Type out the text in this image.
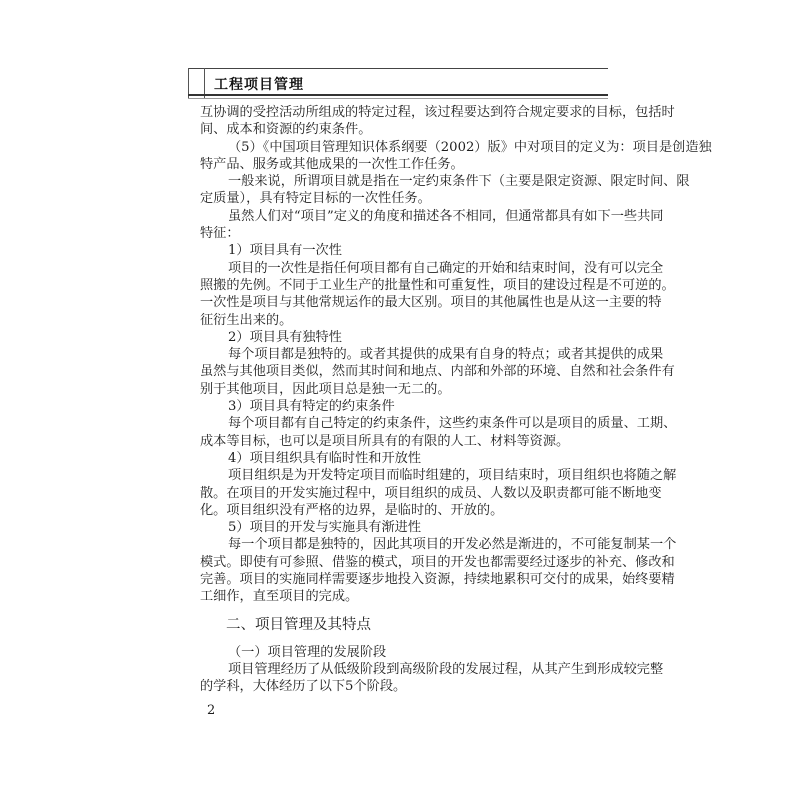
工程项目管理
互协调的受控活动所组成的特定过程，该过程要达到符合规定要求的目标，包括时
间、成本和资源的约束条件。
（5）《中国项目管理知识体系纲要（2002）版》中对项目的定义为：项目是创造独
特产品、服务或其他成果的一次性工作任务。
一般来说，所谓项目就是指在一定约束条件下（主要是限定资源、限定时间、限
定质量），具有特定目标的一次性任务。
虽然人们对“项目”定义的角度和描述各不相同，但通常都具有如下一些共同
特征：
1）项目具有一次性
项目的一次性是指任何项目都有自己确定的开始和结束时间，没有可以完全
照搬的先例。不同于工业生产的批量性和可重复性，项目的建设过程是不可逆的。
一次性是项目与其他常规运作的最大区别。项目的其他属性也是从这一主要的特
征衍生出来的。
2）项目具有独特性
每个项目都是独特的。或者其提供的成果有自身的特点；或者其提供的成果
虽然与其他项目类似，然而其时间和地点、内部和外部的环境、自然和社会条件有
别于其他项目，因此项目总是独一无二的。
3）项目具有特定的约束条件
每个项目都有自己特定的约束条件，这些约束条件可以是项目的质量、工期、
成本等目标，也可以是项目所具有的有限的人工、材料等资源。
4）项目组织具有临时性和开放性
项目组织是为开发特定项目而临时组建的，项目结束时，项目组织也将随之解
散。在项目的开发实施过程中，项目组织的成员、人数以及职责都可能不断地变
化。项目组织没有严格的边界，是临时的、开放的。
5）项目的开发与实施具有渐进性
每一个项目都是独特的，因此其项目的开发必然是渐进的，不可能复制某一个
模式。即使有可参照、借鉴的模式，项目的开发也都需要经过逐步的补充、修改和
完善。项目的实施同样需要逐步地投入资源，持续地累积可交付的成果，始终要精
工细作，直至项目的完成。
二、项目管理及其特点
（一）项目管理的发展阶段
项目管理经历了从低级阶段到高级阶段的发展过程，从其产生到形成较完整
的学科，大体经历了以下5个阶段。
2
